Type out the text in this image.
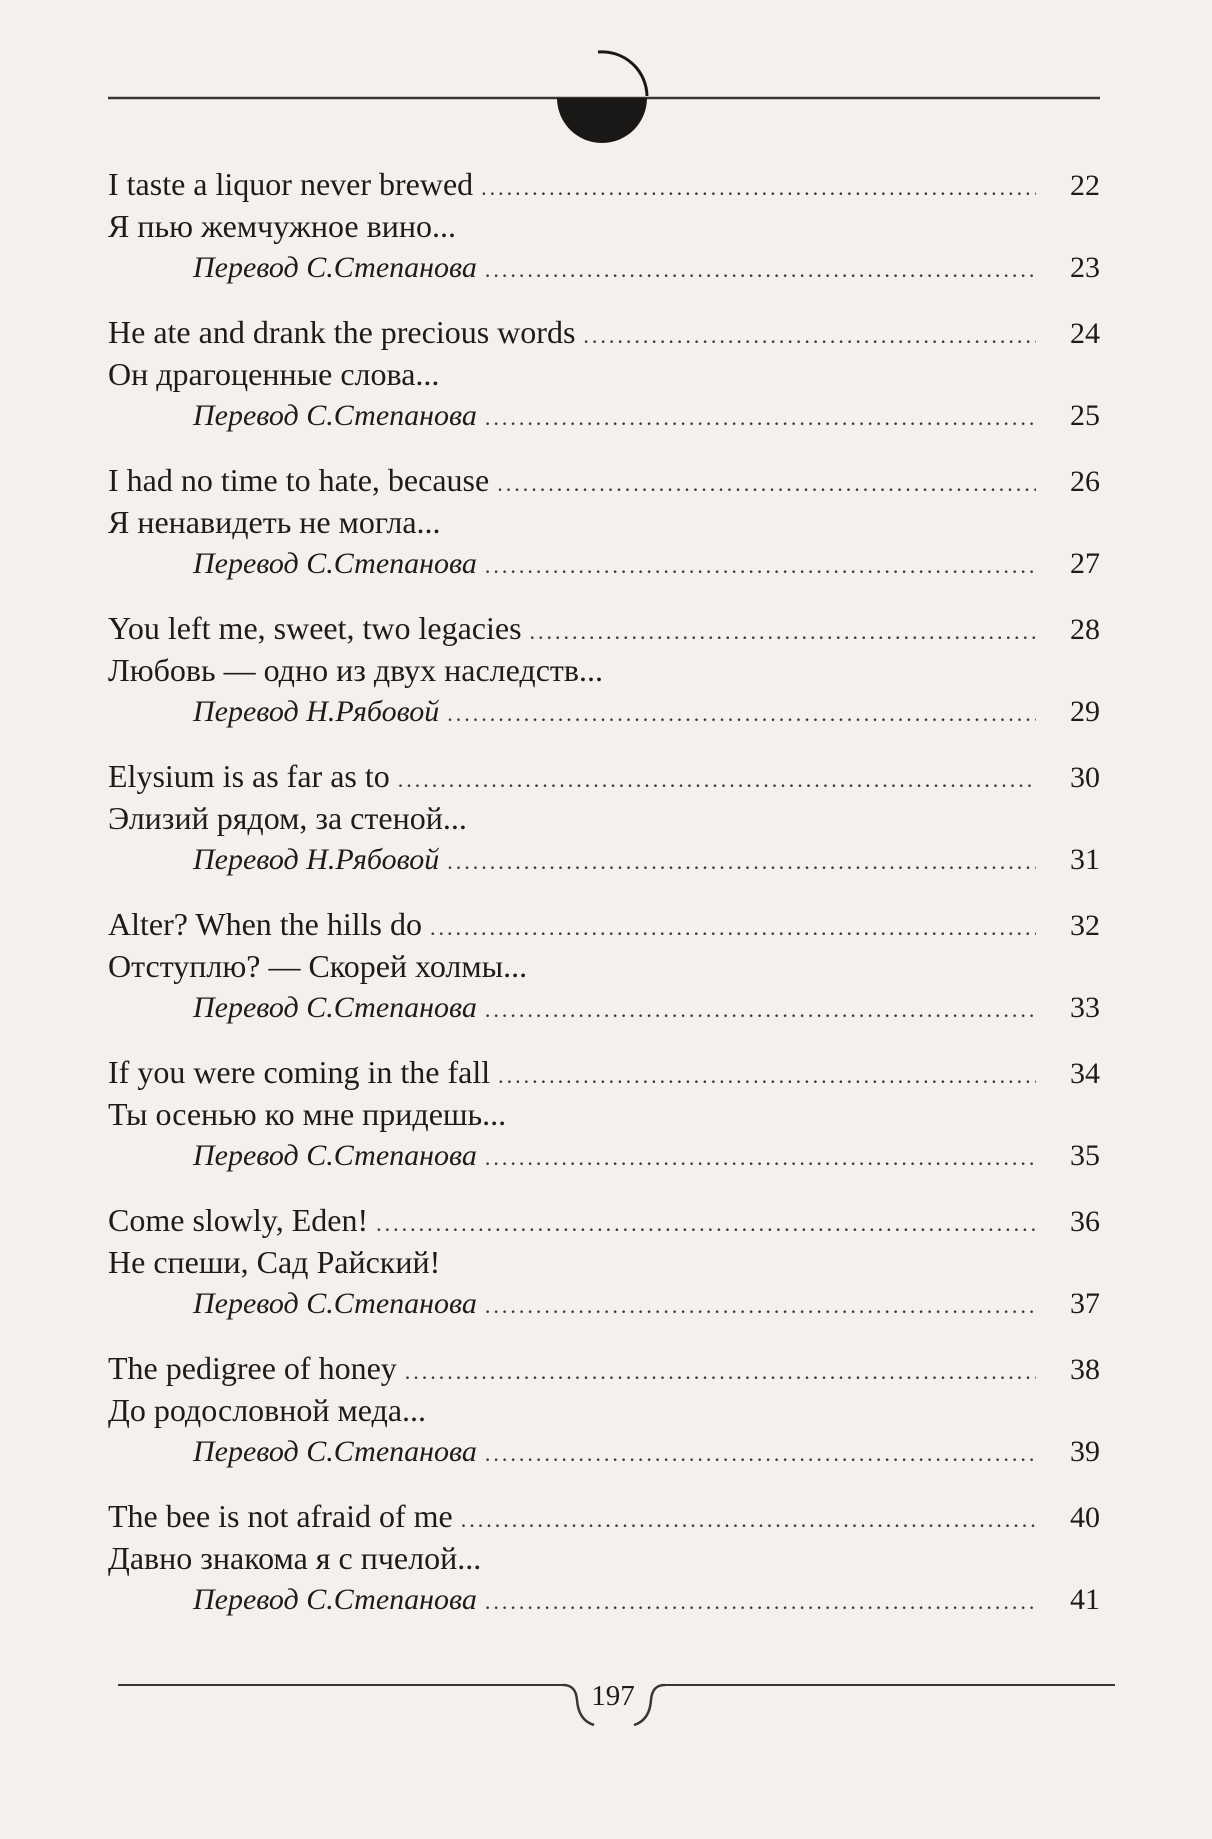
I taste a liquor never brewed .....	22
Я пью жемчужное вино...
Перевод С.Степанова .....	23
He ate and drank the precious words .....	24
Он драгоценные слова...
Перевод С.Степанова .....	25
I had no time to hate, because .....	26
Я ненавидеть не могла...
Перевод С.Степанова .....	27
You left me, sweet, two legacies .....	28
Любовь — одно из двух наследств...
Перевод Н.Рябовой .....	29
Elysium is as far as to .....	30
Элизий рядом, за стеной...
Перевод Н.Рябовой .....	31
Alter? When the hills do .....	32
Отступлю? — Скорей холмы...
Перевод С.Степанова .....	33
If you were coming in the fall .....	34
Ты осенью ко мне придешь...
Перевод С.Степанова .....	35
Come slowly, Eden! .....	36
Не спеши, Сад Райский!
Перевод С.Степанова .....	37
The pedigree of honey .....	38
До родословной меда...
Перевод С.Степанова .....	39
The bee is not afraid of me .....	40
Давно знакома я с пчелой...
Перевод С.Степанова .....	41
197
